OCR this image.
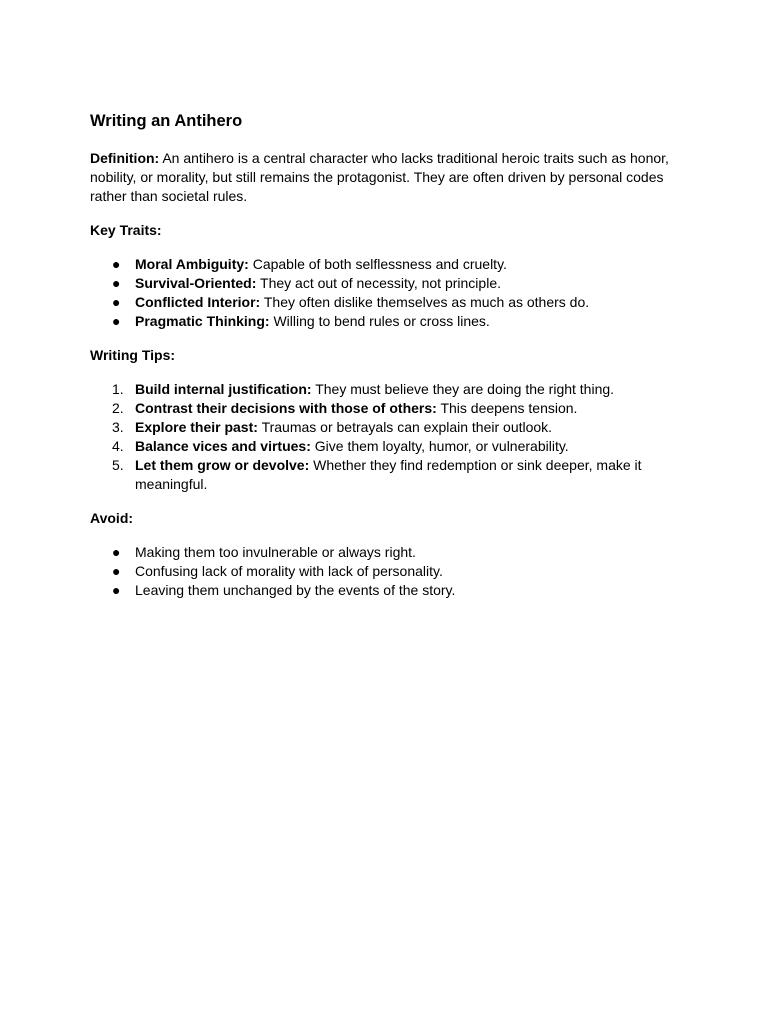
Writing an Antihero

Definition: An antihero is a central character who lacks traditional heroic traits such as honor, nobility, or morality, but still remains the protagonist. They are often driven by personal codes rather than societal rules.

Key Traits:

● Moral Ambiguity: Capable of both selflessness and cruelty.
● Survival-Oriented: They act out of necessity, not principle.
● Conflicted Interior: They often dislike themselves as much as others do.
● Pragmatic Thinking: Willing to bend rules or cross lines.

Writing Tips:

1. Build internal justification: They must believe they are doing the right thing.
2. Contrast their decisions with those of others: This deepens tension.
3. Explore their past: Traumas or betrayals can explain their outlook.
4. Balance vices and virtues: Give them loyalty, humor, or vulnerability.
5. Let them grow or devolve: Whether they find redemption or sink deeper, make it meaningful.

Avoid:

● Making them too invulnerable or always right.
● Confusing lack of morality with lack of personality.
● Leaving them unchanged by the events of the story.
